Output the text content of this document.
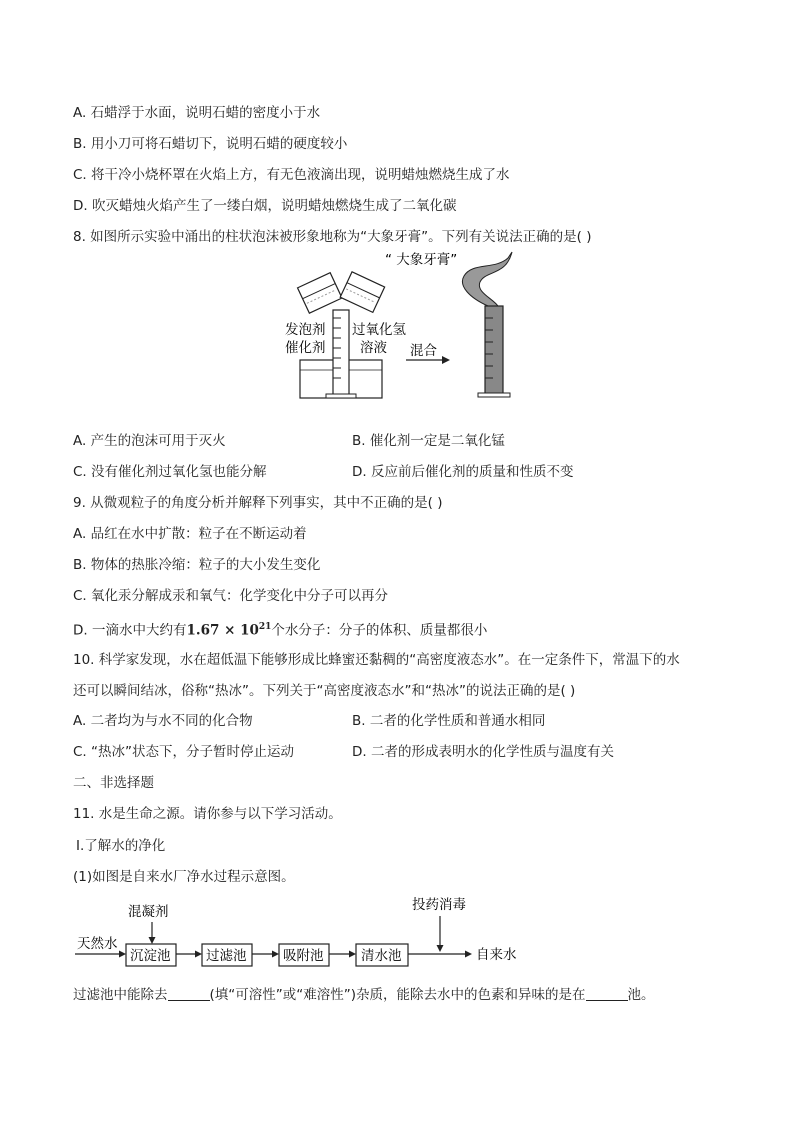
A. 石蜡浮于水面，说明石蜡的密度小于水
B. 用小刀可将石蜡切下，说明石蜡的硬度较小
C. 将干冷小烧杯罩在火焰上方，有无色液滴出现，说明蜡烛燃烧生成了水
D. 吹灭蜡烛火焰产生了一缕白烟，说明蜡烛燃烧生成了二氧化碳
8. 如图所示实验中涌出的柱状泡沫被形象地称为“大象牙膏”。下列有关说法正确的是( )
发泡剂
催化剂
过氧化氢
溶液 混合
“ 大象牙膏”
A. 产生的泡沫可用于灭火	B. 催化剂一定是二氧化锰
C. 没有催化剂过氧化氢也能分解	D. 反应前后催化剂的质量和性质不变
9. 从微观粒子的角度分析并解释下列事实，其中不正确的是( )
A. 品红在水中扩散：粒子在不断运动着
B. 物体的热胀冷缩：粒子的大小发生变化
C. 氧化汞分解成汞和氧气：化学变化中分子可以再分
D. 一滴水中大约有$1.67 \times 10^{21}$个水分子：分子的体积、质量都很小
10. 科学家发现，水在超低温下能够形成比蜂蜜还黏稠的“高密度液态水”。在一定条件下，常温下的水
还可以瞬间结冰，俗称“热冰”。下列关于“高密度液态水”和“热冰”的说法正确的是( )
A. 二者均为与水不同的化合物	B. 二者的化学性质和普通水相同
C. “热冰”状态下，分子暂时停止运动	D. 二者的形成表明水的化学性质与温度有关
二、非选择题
11. 水是生命之源。请你参与以下学习活动。
Ⅰ.了解水的净化
(1)如图是自来水厂净水过程示意图。
天然水
混凝剂
沉淀池	过滤池	吸附池	清水池
投药消毒
自来水
过滤池中能除去	(填“可溶性”或“难溶性”)杂质，能除去水中的色素和异味的是在	池。
